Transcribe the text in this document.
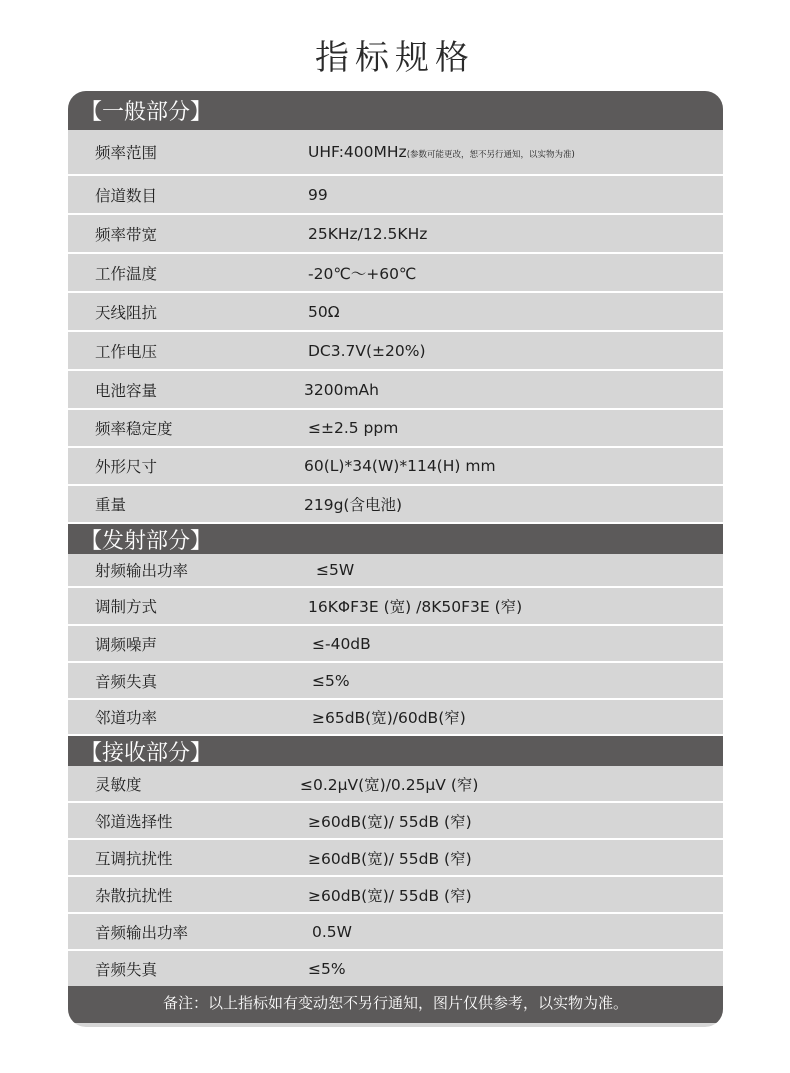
指标规格
【一般部分】
频率范围	UHF:400MHz(参数可能更改，恕不另行通知，以实物为准)
信道数目	99
频率带宽	25KHz/12.5KHz
工作温度	-20℃～+60℃
天线阻抗	50Ω
工作电压	DC3.7V(±20%)
电池容量	3200mAh
频率稳定度	≤±2.5 ppm
外形尺寸	60(L)*34(W)*114(H) mm
重量	219g(含电池)
【发射部分】
射频输出功率	≤5W
调制方式	16KΦF3E (宽) /8K50F3E (窄)
调频噪声	≤-40dB
音频失真	≤5%
邻道功率	≥65dB(宽)/60dB(窄)
【接收部分】
灵敏度	≤0.2μV(宽)/0.25μV (窄)
邻道选择性	≥60dB(宽)/ 55dB (窄)
互调抗扰性	≥60dB(宽)/ 55dB (窄)
杂散抗扰性	≥60dB(宽)/ 55dB (窄)
音频输出功率	0.5W
音频失真	≤5%
备注：以上指标如有变动恕不另行通知，图片仅供参考，以实物为准。
